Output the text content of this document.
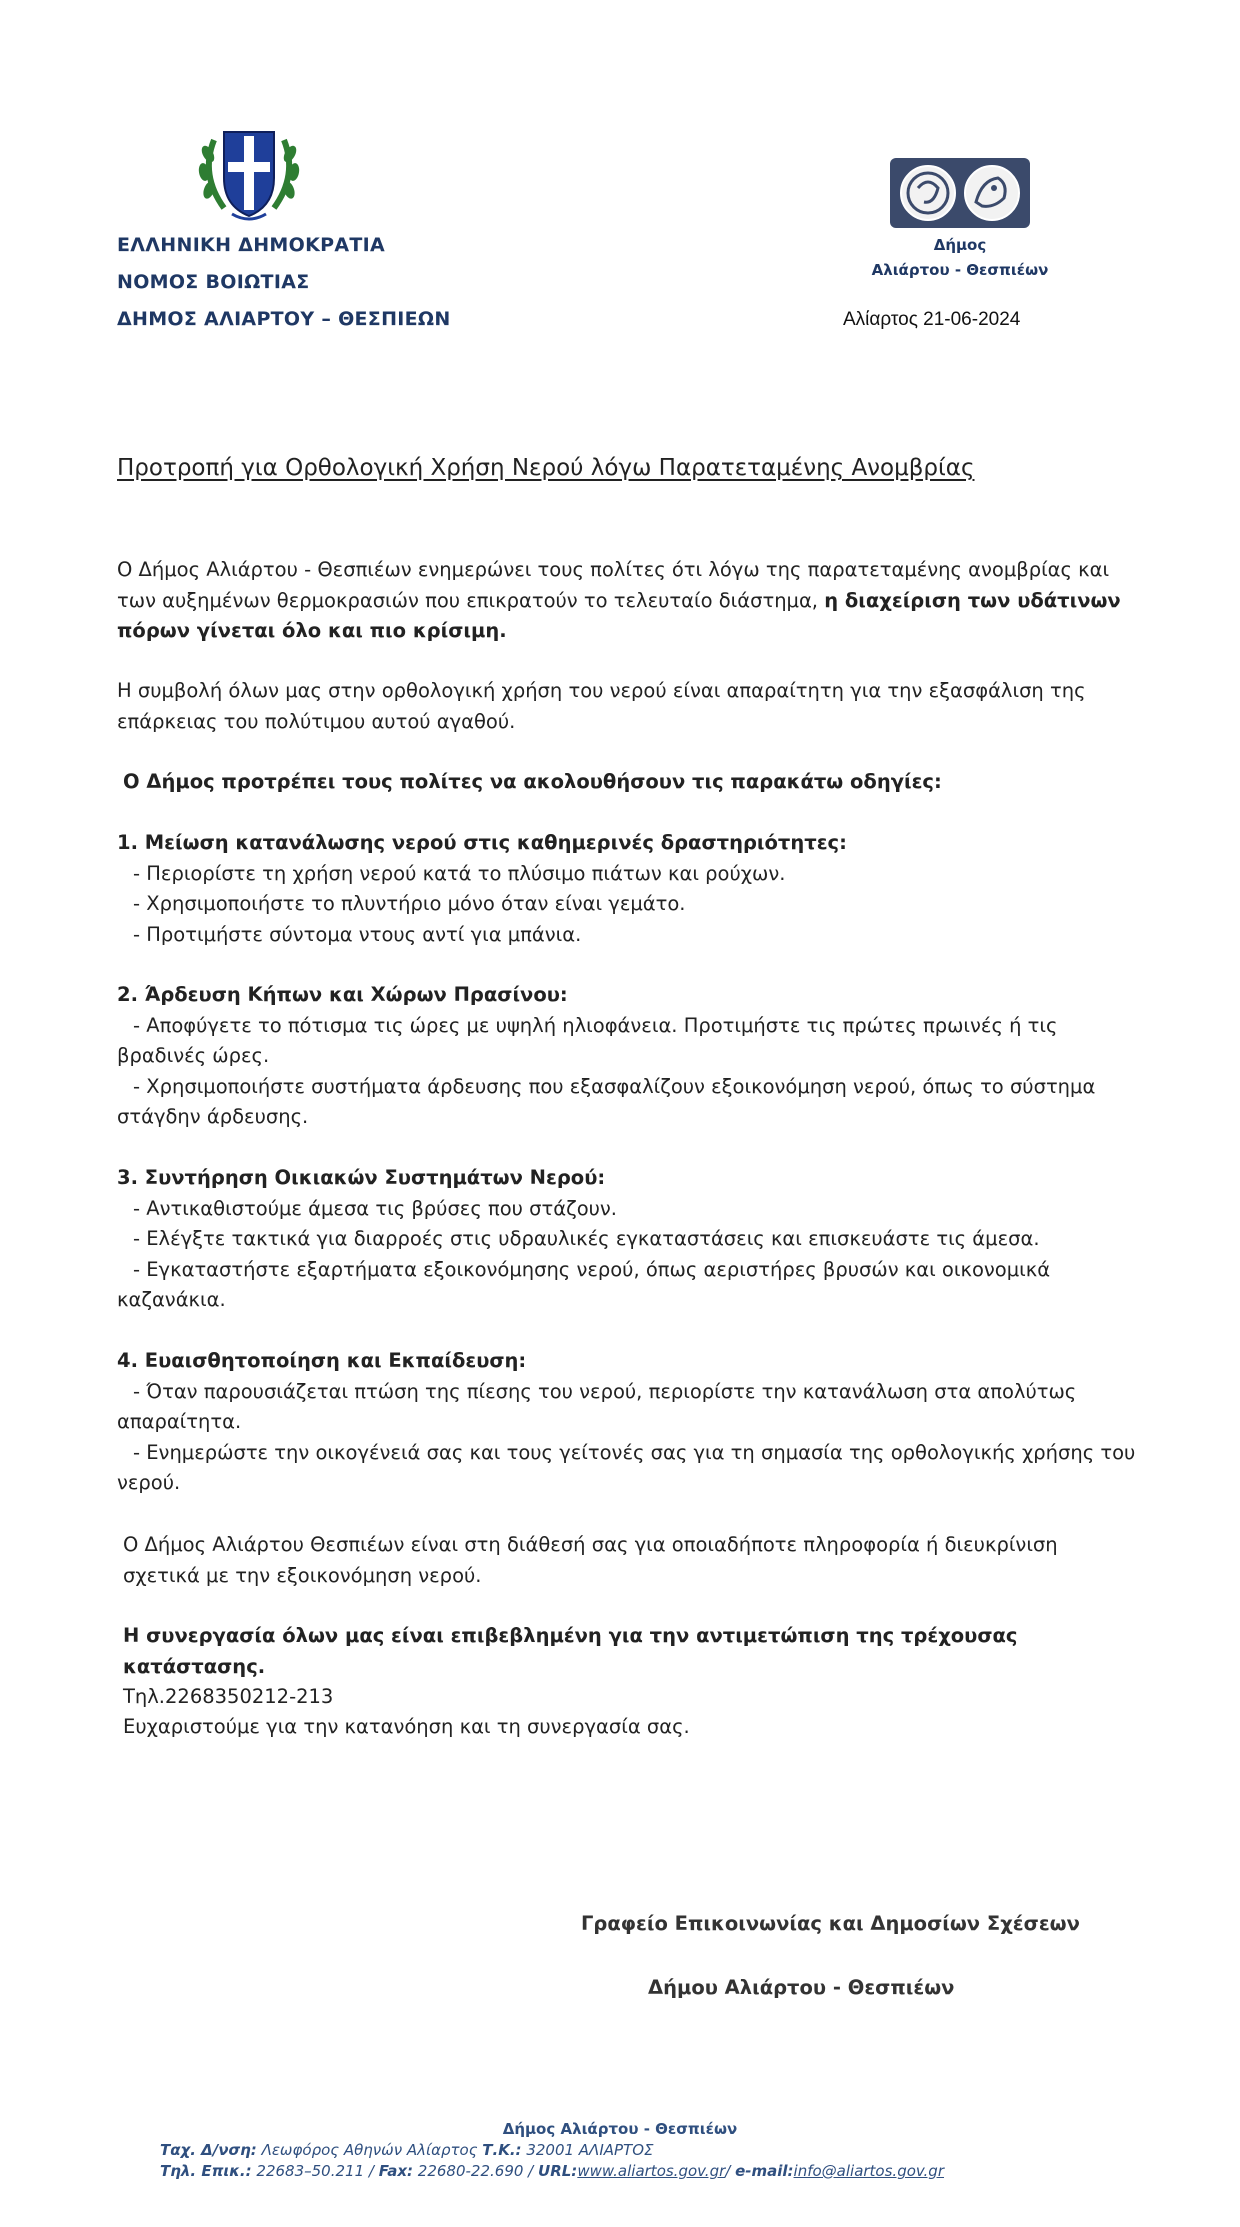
ΕΛΛΗΝΙΚΗ ΔΗΜΟΚΡΑΤΙΑ
ΝΟΜΟΣ ΒΟΙΩΤΙΑΣ
ΔΗΜΟΣ ΑΛΙΑΡΤΟΥ – ΘΕΣΠΙΕΩΝ
Δήμος
Αλιάρτου - Θεσπιέων
Αλίαρτος 21-06-2024
Προτροπή για Ορθολογική Χρήση Νερού λόγω Παρατεταμένης Ανομβρίας
Ο Δήμος Αλιάρτου - Θεσπιέων ενημερώνει τους πολίτες ότι λόγω της παρατεταμένης ανομβρίας και
των αυξημένων θερμοκρασιών που επικρατούν το τελευταίο διάστημα, η διαχείριση των υδάτινων
πόρων γίνεται όλο και πιο κρίσιμη.
Η συμβολή όλων μας στην ορθολογική χρήση του νερού είναι απαραίτητη για την εξασφάλιση της
επάρκειας του πολύτιμου αυτού αγαθού.
Ο Δήμος προτρέπει τους πολίτες να ακολουθήσουν τις παρακάτω οδηγίες:
1. Μείωση κατανάλωσης νερού στις καθημερινές δραστηριότητες:
- Περιορίστε τη χρήση νερού κατά το πλύσιμο πιάτων και ρούχων.
- Χρησιμοποιήστε το πλυντήριο μόνο όταν είναι γεμάτο.
- Προτιμήστε σύντομα ντους αντί για μπάνια.
2. Άρδευση Κήπων και Χώρων Πρασίνου:
- Αποφύγετε το πότισμα τις ώρες με υψηλή ηλιοφάνεια. Προτιμήστε τις πρώτες πρωινές ή τις
βραδινές ώρες.
- Χρησιμοποιήστε συστήματα άρδευσης που εξασφαλίζουν εξοικονόμηση νερού, όπως το σύστημα
στάγδην άρδευσης.
3. Συντήρηση Οικιακών Συστημάτων Νερού:
- Αντικαθιστούμε άμεσα τις βρύσες που στάζουν.
- Ελέγξτε τακτικά για διαρροές στις υδραυλικές εγκαταστάσεις και επισκευάστε τις άμεσα.
- Εγκαταστήστε εξαρτήματα εξοικονόμησης νερού, όπως αεριστήρες βρυσών και οικονομικά
καζανάκια.
4. Ευαισθητοποίηση και Εκπαίδευση:
- Όταν παρουσιάζεται πτώση της πίεσης του νερού, περιορίστε την κατανάλωση στα απολύτως
απαραίτητα.
- Ενημερώστε την οικογένειά σας και τους γείτονές σας για τη σημασία της ορθολογικής χρήσης του
νερού.
Ο Δήμος Αλιάρτου Θεσπιέων είναι στη διάθεσή σας για οποιαδήποτε πληροφορία ή διευκρίνιση
σχετικά με την εξοικονόμηση νερού.
Η συνεργασία όλων μας είναι επιβεβλημένη για την αντιμετώπιση της τρέχουσας κατάστασης.
Τηλ.2268350212-213
Ευχαριστούμε για την κατανόηση και τη συνεργασία σας.
Γραφείο Επικοινωνίας και Δημοσίων Σχέσεων
Δήμου Αλιάρτου - Θεσπιέων
Δήμος Αλιάρτου - Θεσπιέων
Ταχ. Δ/νση: Λεωφόρος Αθηνών Αλίαρτος Τ.Κ.: 32001 ΑΛΙΑΡΤΟΣ
Τηλ. Επικ.: 22683–50.211 / Fax: 22680-22.690 / URL:www.aliartos.gov.gr/ e-mail:info@aliartos.gov.gr
